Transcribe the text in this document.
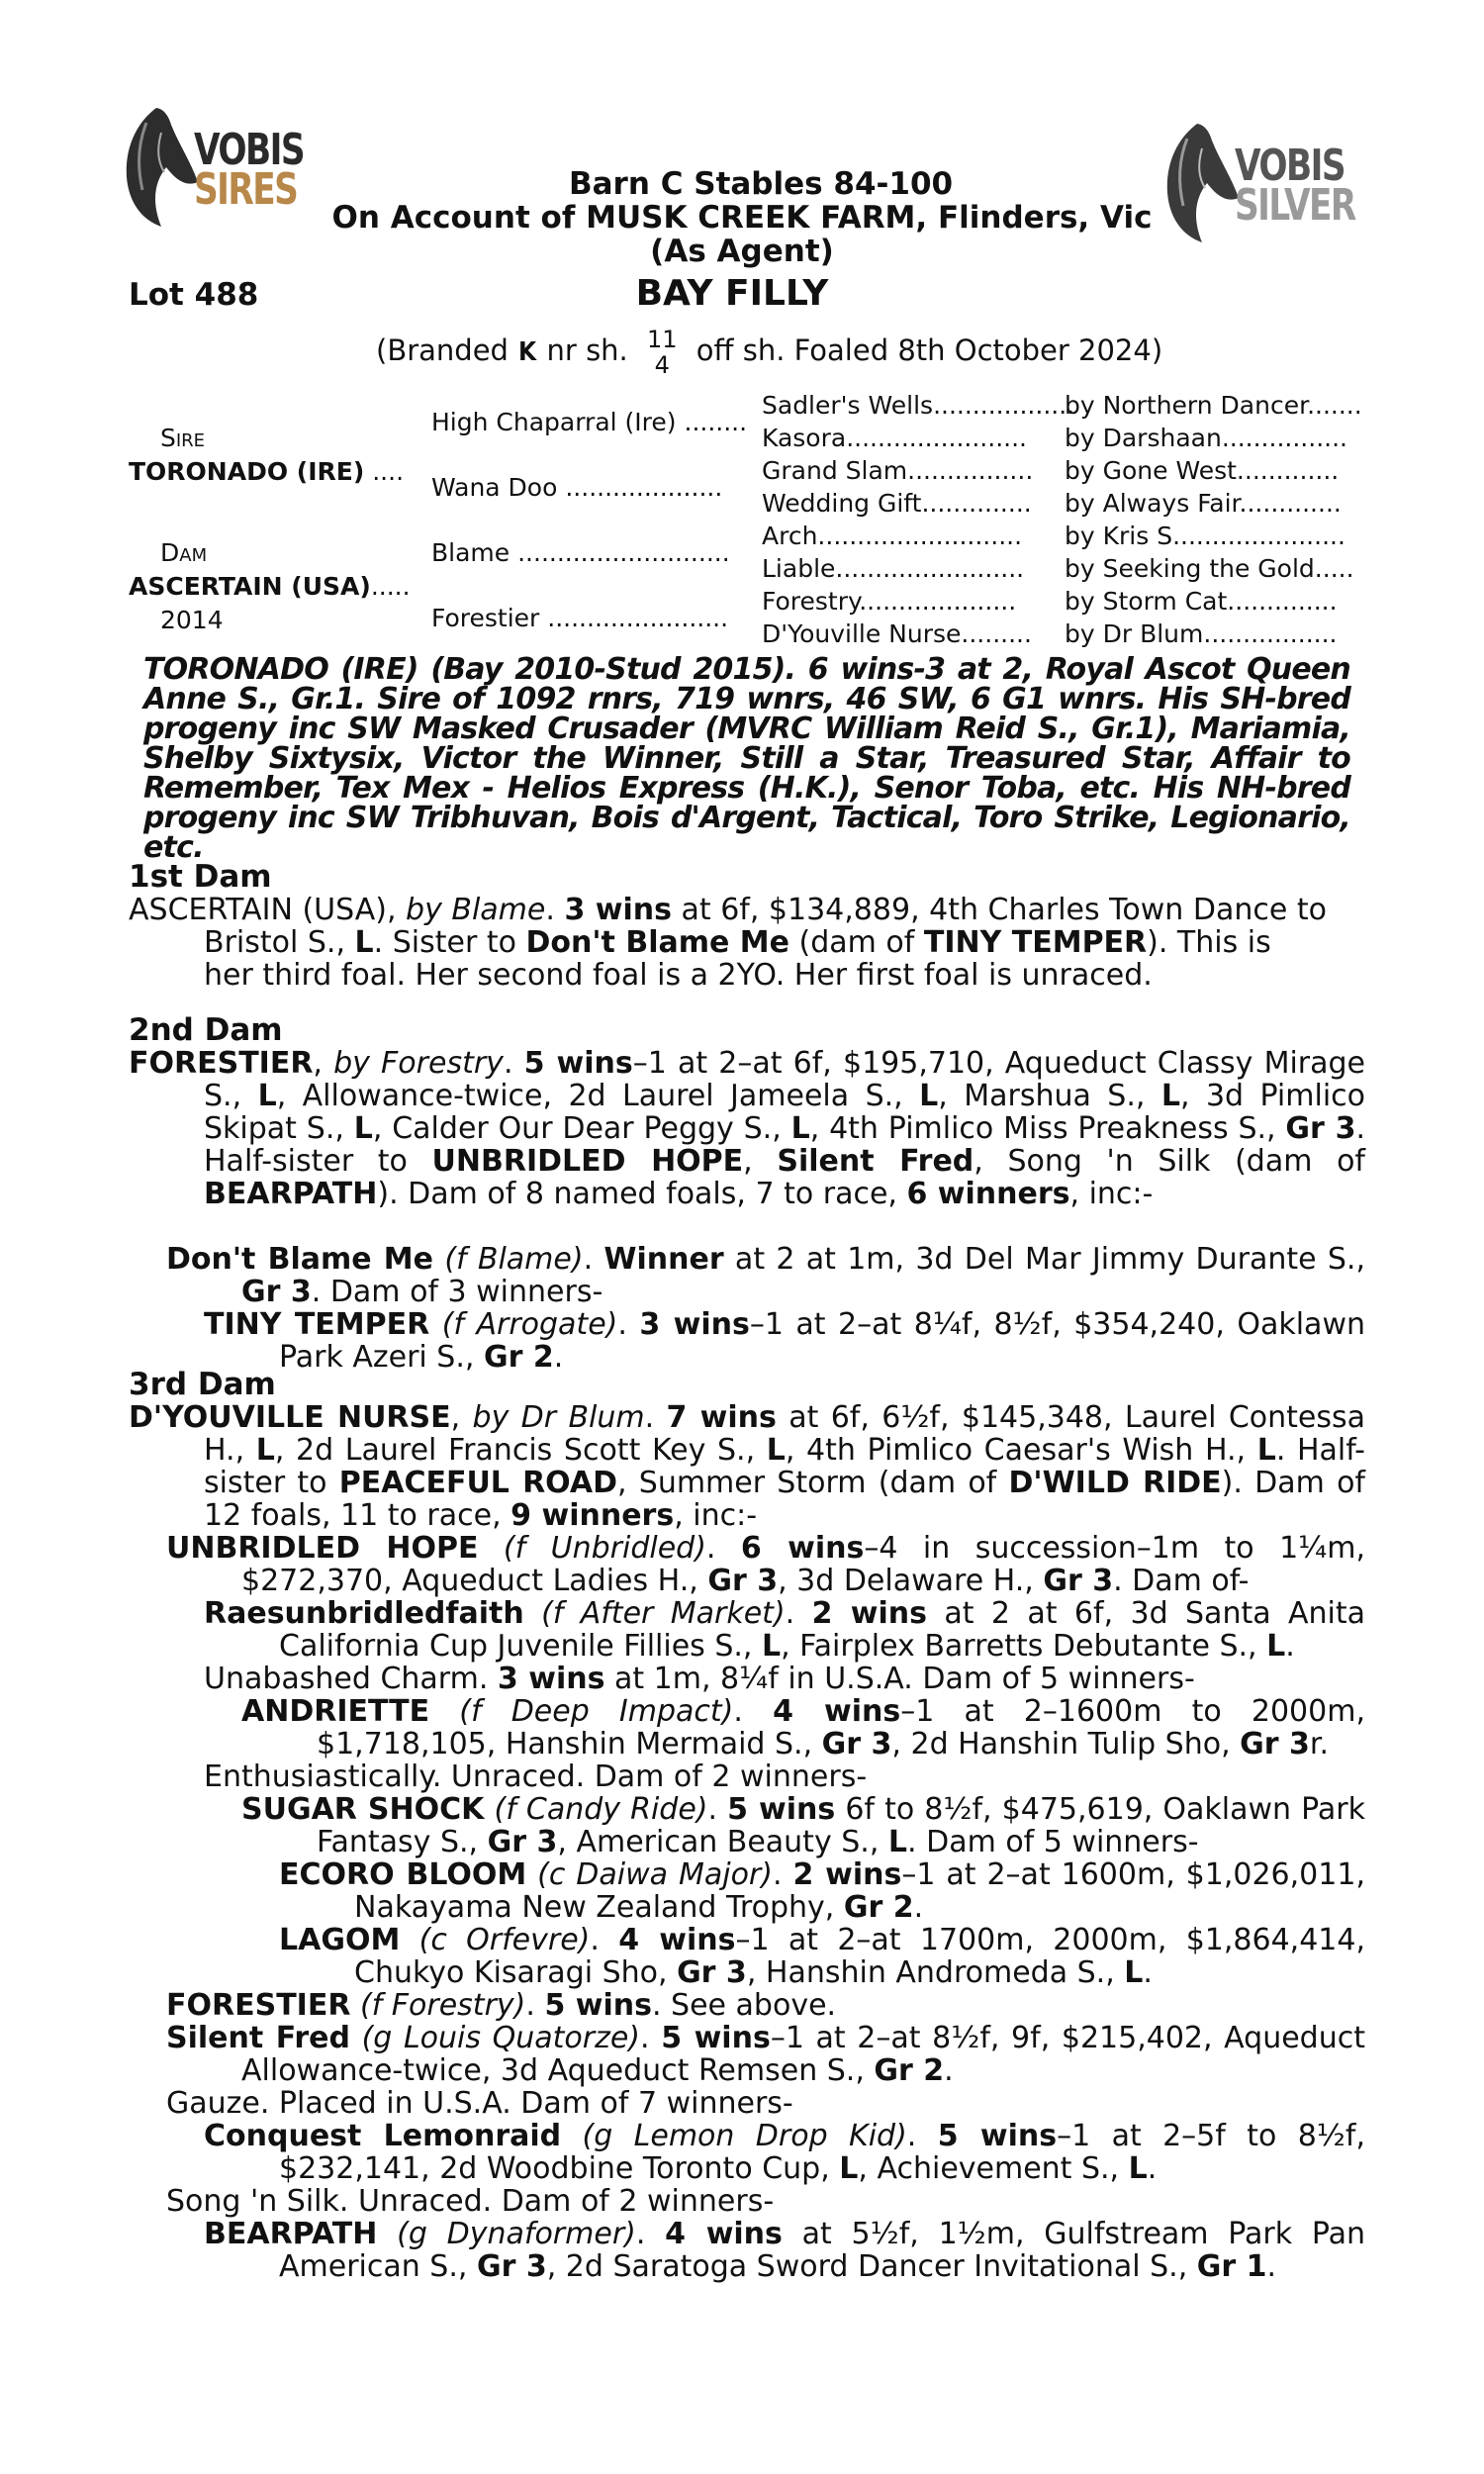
VOBIS
SIRES	VOBIS
SILVER
Barn C Stables 84-100
On Account of MUSK CREEK FARM, Flinders, Vic
(As Agent)
Lot 488	BAY FILLY
(Branded K nr sh. 11
4 off sh. Foaled 8th October 2024)
Sire
TORONADO (IRE) ....
Dam
ASCERTAIN (USA).....
2014
High Chaparral (Ire) ........
Wana Doo ....................
Blame ...........................
Forestier .......................
Sadler's Wells..................
by Northern Dancer.......
Kasora....................... by Darshaan................
Grand Slam................ by Gone West.............
Wedding Gift.............. by Always Fair.............
Arch.......................... by Kris S......................
Liable........................ by Seeking the Gold.....
Forestry.................... by Storm Cat..............
D'Youville Nurse......... by Dr Blum.................
TORONADO (IRE) (Bay 2010-Stud 2015). 6 wins-3 at 2, Royal Ascot Queen Anne S., Gr.1. Sire of 1092 rnrs, 719 wnrs, 46 SW, 6 G1 wnrs. His SH-bred progeny inc SW Masked Crusader (MVRC William Reid S., Gr.1), Mariamia, Shelby Sixtysix, Victor the Winner, Still a Star, Treasured Star, Affair to Remember, Tex Mex - Helios Express (H.K.), Senor Toba, etc. His NH-bred progeny inc SW Tribhuvan, Bois d'Argent, Tactical, Toro Strike, Legionario, etc.
1st Dam
ASCERTAIN (USA), by Blame. 3 wins at 6f, $134,889, 4th Charles Town Dance to
Bristol S., L. Sister to Don't Blame Me (dam of TINY TEMPER). This is
her third foal. Her second foal is a 2YO. Her first foal is unraced.
2nd Dam
FORESTIER, by Forestry. 5 wins–1 at 2–at 6f, $195,710, Aqueduct Classy Mirage S., L, Allowance-twice, 2d Laurel Jameela S., L, Marshua S., L, 3d Pimlico Skipat S., L, Calder Our Dear Peggy S., L, 4th Pimlico Miss Preakness S., Gr 3. Half-sister to UNBRIDLED HOPE, Silent Fred, Song 'n Silk (dam of BEARPATH). Dam of 8 named foals, 7 to race, 6 winners, inc:-
Don't Blame Me (f Blame). Winner at 2 at 1m, 3d Del Mar Jimmy Durante S., Gr 3. Dam of 3 winners-
TINY TEMPER (f Arrogate). 3 wins–1 at 2–at 8¼f, 8½f, $354,240, Oaklawn Park Azeri S., Gr 2.
3rd Dam
D'YOUVILLE NURSE, by Dr Blum. 7 wins at 6f, 6½f, $145,348, Laurel Contessa H., L, 2d Laurel Francis Scott Key S., L, 4th Pimlico Caesar's Wish H., L. Half-sister to PEACEFUL ROAD, Summer Storm (dam of D'WILD RIDE). Dam of 12 foals, 11 to race, 9 winners, inc:-
UNBRIDLED HOPE (f Unbridled). 6 wins–4 in succession–1m to 1¼m, $272,370, Aqueduct Ladies H., Gr 3, 3d Delaware H., Gr 3. Dam of-
Raesunbridledfaith (f After Market). 2 wins at 2 at 6f, 3d Santa Anita California Cup Juvenile Fillies S., L, Fairplex Barretts Debutante S., L.
Unabashed Charm. 3 wins at 1m, 8¼f in U.S.A. Dam of 5 winners-
ANDRIETTE (f Deep Impact). 4 wins–1 at 2–1600m to 2000m, $1,718,105, Hanshin Mermaid S., Gr 3, 2d Hanshin Tulip Sho, Gr 3r.
Enthusiastically. Unraced. Dam of 2 winners-
SUGAR SHOCK (f Candy Ride). 5 wins 6f to 8½f, $475,619, Oaklawn Park Fantasy S., Gr 3, American Beauty S., L. Dam of 5 winners-
ECORO BLOOM (c Daiwa Major). 2 wins–1 at 2–at 1600m, $1,026,011, Nakayama New Zealand Trophy, Gr 2.
LAGOM (c Orfevre). 4 wins–1 at 2–at 1700m, 2000m, $1,864,414, Chukyo Kisaragi Sho, Gr 3, Hanshin Andromeda S., L.
FORESTIER (f Forestry). 5 wins. See above.
Silent Fred (g Louis Quatorze). 5 wins–1 at 2–at 8½f, 9f, $215,402, Aqueduct Allowance-twice, 3d Aqueduct Remsen S., Gr 2.
Gauze. Placed in U.S.A. Dam of 7 winners-
Conquest Lemonraid (g Lemon Drop Kid). 5 wins–1 at 2–5f to 8½f, $232,141, 2d Woodbine Toronto Cup, L, Achievement S., L.
Song 'n Silk. Unraced. Dam of 2 winners-
BEARPATH (g Dynaformer). 4 wins at 5½f, 1½m, Gulfstream Park Pan American S., Gr 3, 2d Saratoga Sword Dancer Invitational S., Gr 1.
